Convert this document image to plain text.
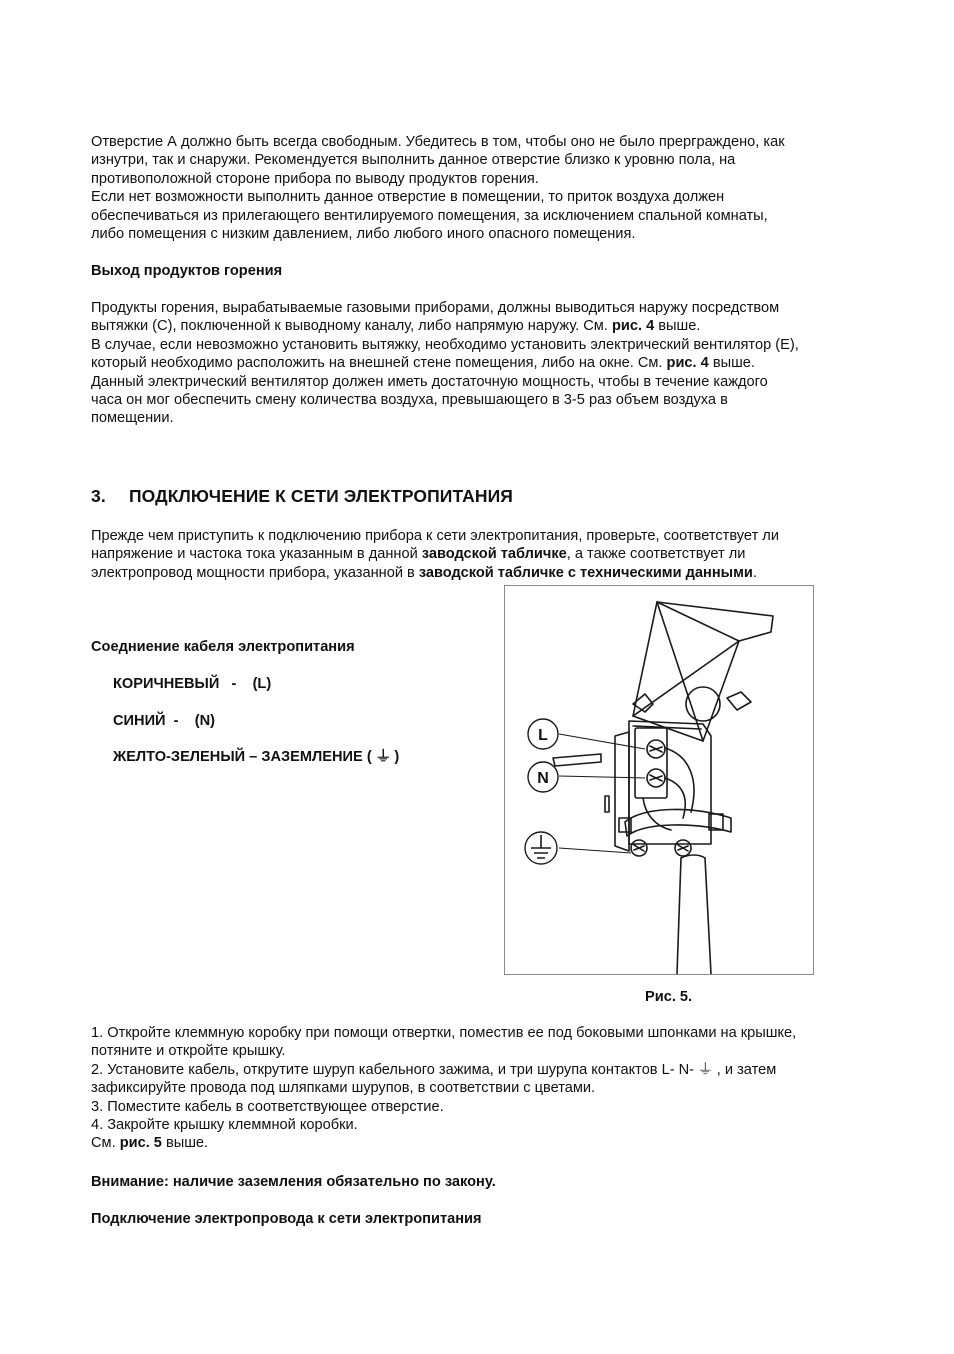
Отверстие А должно быть всегда свободным. Убедитесь в том, чтобы оно не было прерграждено, как
изнутри, так и снаружи. Рекомендуется выполнить данное отверстие близко к уровню пола, на
противоположной стороне прибора по выводу продуктов горения.
Если нет возможности выполнить данное отверстие в помещении, то приток воздуха должен
обеспечиваться из прилегающего вентилируемого помещения, за исключением спальной комнаты,
либо помещения с низким давлением, либо любого иного опасного помещения.
Выход продуктов горения
Продукты горения, вырабатываемые газовыми приборами, должны выводиться наружу посредством
вытяжки (С), поключенной к выводному каналу, либо напрямую наружу. См. рис. 4 выше.
В случае, если невозможно установить вытяжку, необходимо установить электрический вентилятор (Е),
который необходимо расположить на внешней стене помещения, либо на окне. См. рис. 4 выше.
Данный электрический вентилятор должен иметь достаточную мощность, чтобы в течение каждого
часа он мог обеспечить смену количества воздуха, превышающего в 3-5 раз объем воздуха в
помещении.
3. ПОДКЛЮЧЕНИЕ К СЕТИ ЭЛЕКТРОПИТАНИЯ
Прежде чем приступить к подключению прибора к сети электропитания, проверьте, соответствует ли
напряжение и частока тока указанным в данной заводской табличке, а также соответствует ли
электропровод мощности прибора, указанной в заводской табличке с техническими данными.
Соедниение кабеля электропитания
КОРИЧНЕВЫЙ   -    (L)
СИНИЙ  -    (N)
ЖЕЛТО-ЗЕЛЕНЫЙ – ЗАЗЕМЛЕНИЕ ( ⏚ )
L
N
Рис. 5.
1. Откройте клеммную коробку при помощи отвертки, поместив ее под боковыми шпонками на крышке,
потяните и откройте крышку.
2. Установите кабель, открутите шуруп кабельного зажима, и три шурупа контактов L- N- ⏚ , и затем
зафиксируйте провода под шляпками шурупов, в соответствии с цветами.
3. Поместите кабель в соответствующее отверстие.
4. Закройте крышку клеммной коробки.
См. рис. 5 выше.
Внимание: наличие заземления обязательно по закону.
Подключение электропровода к сети электропитания
